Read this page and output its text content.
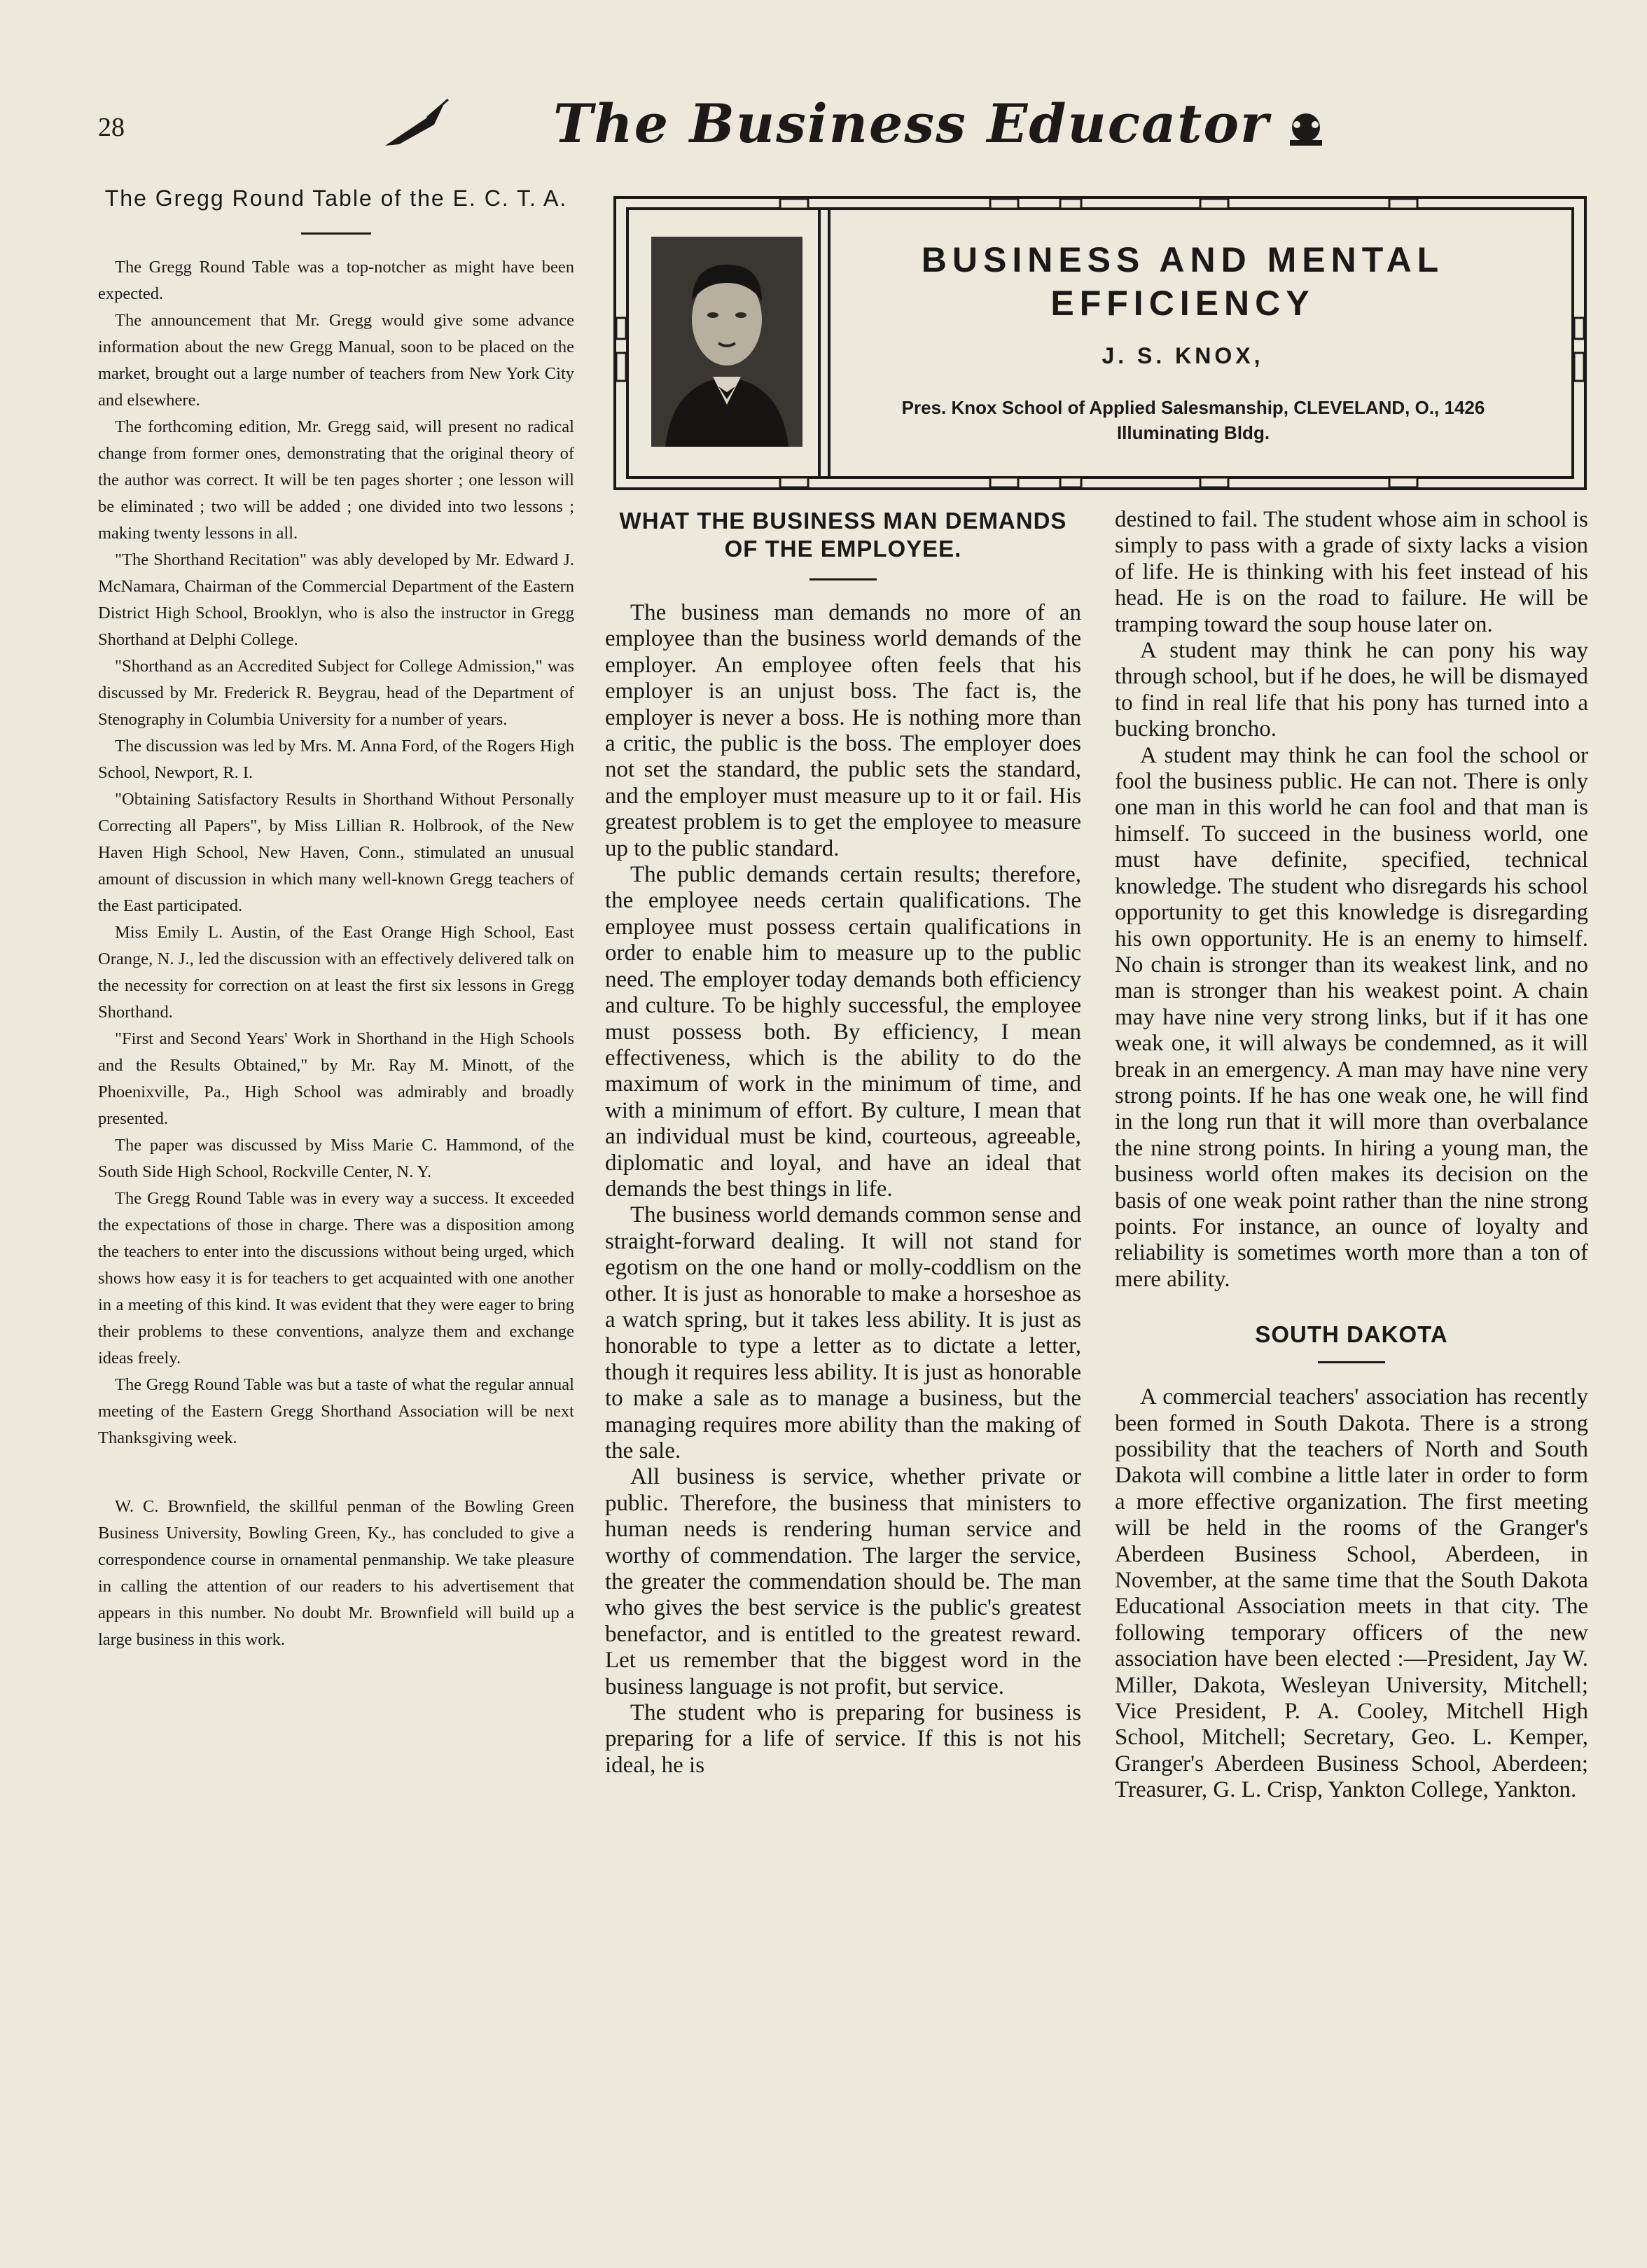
28	The Business Educator
The Gregg Round Table of the E. C. T. A.

The Gregg Round Table was a top-notcher as might have been expected.

The announcement that Mr. Gregg would give some advance information about the new Gregg Manual, soon to be placed on the market, brought out a large number of teachers from New York City and elsewhere.

The forthcoming edition, Mr. Gregg said, will present no radical change from former ones, demonstrating that the original theory of the author was correct. It will be ten pages shorter ; one lesson will be eliminated ; two will be added ; one divided into two lessons ; making twenty lessons in all.

"The Shorthand Recitation" was ably developed by Mr. Edward J. McNamara, Chairman of the Commercial Department of the Eastern District High School, Brooklyn, who is also the instructor in Gregg Shorthand at Delphi College.

"Shorthand as an Accredited Subject for College Admission," was discussed by Mr. Frederick R. Beygrau, head of the Department of Stenography in Columbia University for a number of years.

The discussion was led by Mrs. M. Anna Ford, of the Rogers High School, Newport, R. I.

"Obtaining Satisfactory Results in Shorthand Without Personally Correcting all Papers", by Miss Lillian R. Holbrook, of the New Haven High School, New Haven, Conn., stimulated an unusual amount of discussion in which many well-known Gregg teachers of the East participated.

Miss Emily L. Austin, of the East Orange High School, East Orange, N. J., led the discussion with an effectively delivered talk on the necessity for correction on at least the first six lessons in Gregg Shorthand.

"First and Second Years' Work in Shorthand in the High Schools and the Results Obtained," by Mr. Ray M. Minott, of the Phoenixville, Pa., High School was admirably and broadly presented.

The paper was discussed by Miss Marie C. Hammond, of the South Side High School, Rockville Center, N. Y.

The Gregg Round Table was in every way a success. It exceeded the expectations of those in charge. There was a disposition among the teachers to enter into the discussions without being urged, which shows how easy it is for teachers to get acquainted with one another in a meeting of this kind. It was evident that they were eager to bring their problems to these conventions, analyze them and exchange ideas freely.

The Gregg Round Table was but a taste of what the regular annual meeting of the Eastern Gregg Shorthand Association will be next Thanksgiving week.

W. C. Brownfield, the skillful penman of the Bowling Green Business University, Bowling Green, Ky., has concluded to give a correspondence course in ornamental penmanship. We take pleasure in calling the attention of our readers to his advertisement that appears in this number. No doubt Mr. Brownfield will build up a large business in this work.

BUSINESS AND MENTAL EFFICIENCY
J. S. KNOX,
Pres. Knox School of Applied Salesmanship, CLEVELAND, O., 1426 Illuminating Bldg.
WHAT THE BUSINESS MAN DEMANDS OF THE EMPLOYEE.

The business man demands no more of an employee than the business world demands of the employer. An employee often feels that his employer is an unjust boss. The fact is, the employer is never a boss. He is nothing more than a critic, the public is the boss. The employer does not set the standard, the public sets the standard, and the employer must measure up to it or fail. His greatest problem is to get the employee to measure up to the public standard.

The public demands certain results; therefore, the employee needs certain qualifications. The employee must possess certain qualifications in order to enable him to measure up to the public need. The employer today demands both efficiency and culture. To be highly successful, the employee must possess both. By efficiency, I mean effectiveness, which is the ability to do the maximum of work in the minimum of time, and with a minimum of effort. By culture, I mean that an individual must be kind, courteous, agreeable, diplomatic and loyal, and have an ideal that demands the best things in life.

The business world demands common sense and straight-forward dealing. It will not stand for egotism on the one hand or molly-coddlism on the other. It is just as honorable to make a horseshoe as a watch spring, but it takes less ability. It is just as honorable to type a letter as to dictate a letter, though it requires less ability. It is just as honorable to make a sale as to manage a business, but the managing requires more ability than the making of the sale.

All business is service, whether private or public. Therefore, the business that ministers to human needs is rendering human service and worthy of commendation. The larger the service, the greater the commendation should be. The man who gives the best service is the public's greatest benefactor, and is entitled to the greatest reward. Let us remember that the biggest word in the business language is not profit, but service.

The student who is preparing for business is preparing for a life of service. If this is not his ideal, he is

destined to fail. The student whose aim in school is simply to pass with a grade of sixty lacks a vision of life. He is thinking with his feet instead of his head. He is on the road to failure. He will be tramping toward the soup house later on.

A student may think he can pony his way through school, but if he does, he will be dismayed to find in real life that his pony has turned into a bucking broncho.

A student may think he can fool the school or fool the business public. He can not. There is only one man in this world he can fool and that man is himself. To succeed in the business world, one must have definite, specified, technical knowledge. The student who disregards his school opportunity to get this knowledge is disregarding his own opportunity. He is an enemy to himself. No chain is stronger than its weakest link, and no man is stronger than his weakest point. A chain may have nine very strong links, but if it has one weak one, it will always be condemned, as it will break in an emergency. A man may have nine very strong points. If he has one weak one, he will find in the long run that it will more than overbalance the nine strong points. In hiring a young man, the business world often makes its decision on the basis of one weak point rather than the nine strong points. For instance, an ounce of loyalty and reliability is sometimes worth more than a ton of mere ability.

SOUTH DAKOTA

A commercial teachers' association has recently been formed in South Dakota. There is a strong possibility that the teachers of North and South Dakota will combine a little later in order to form a more effective organization. The first meeting will be held in the rooms of the Granger's Aberdeen Business School, Aberdeen, in November, at the same time that the South Dakota Educational Association meets in that city. The following temporary officers of the new association have been elected :—President, Jay W. Miller, Dakota, Wesleyan University, Mitchell; Vice President, P. A. Cooley, Mitchell High School, Mitchell; Secretary, Geo. L. Kemper, Granger's Aberdeen Business School, Aberdeen; Treasurer, G. L. Crisp, Yankton College, Yankton.
